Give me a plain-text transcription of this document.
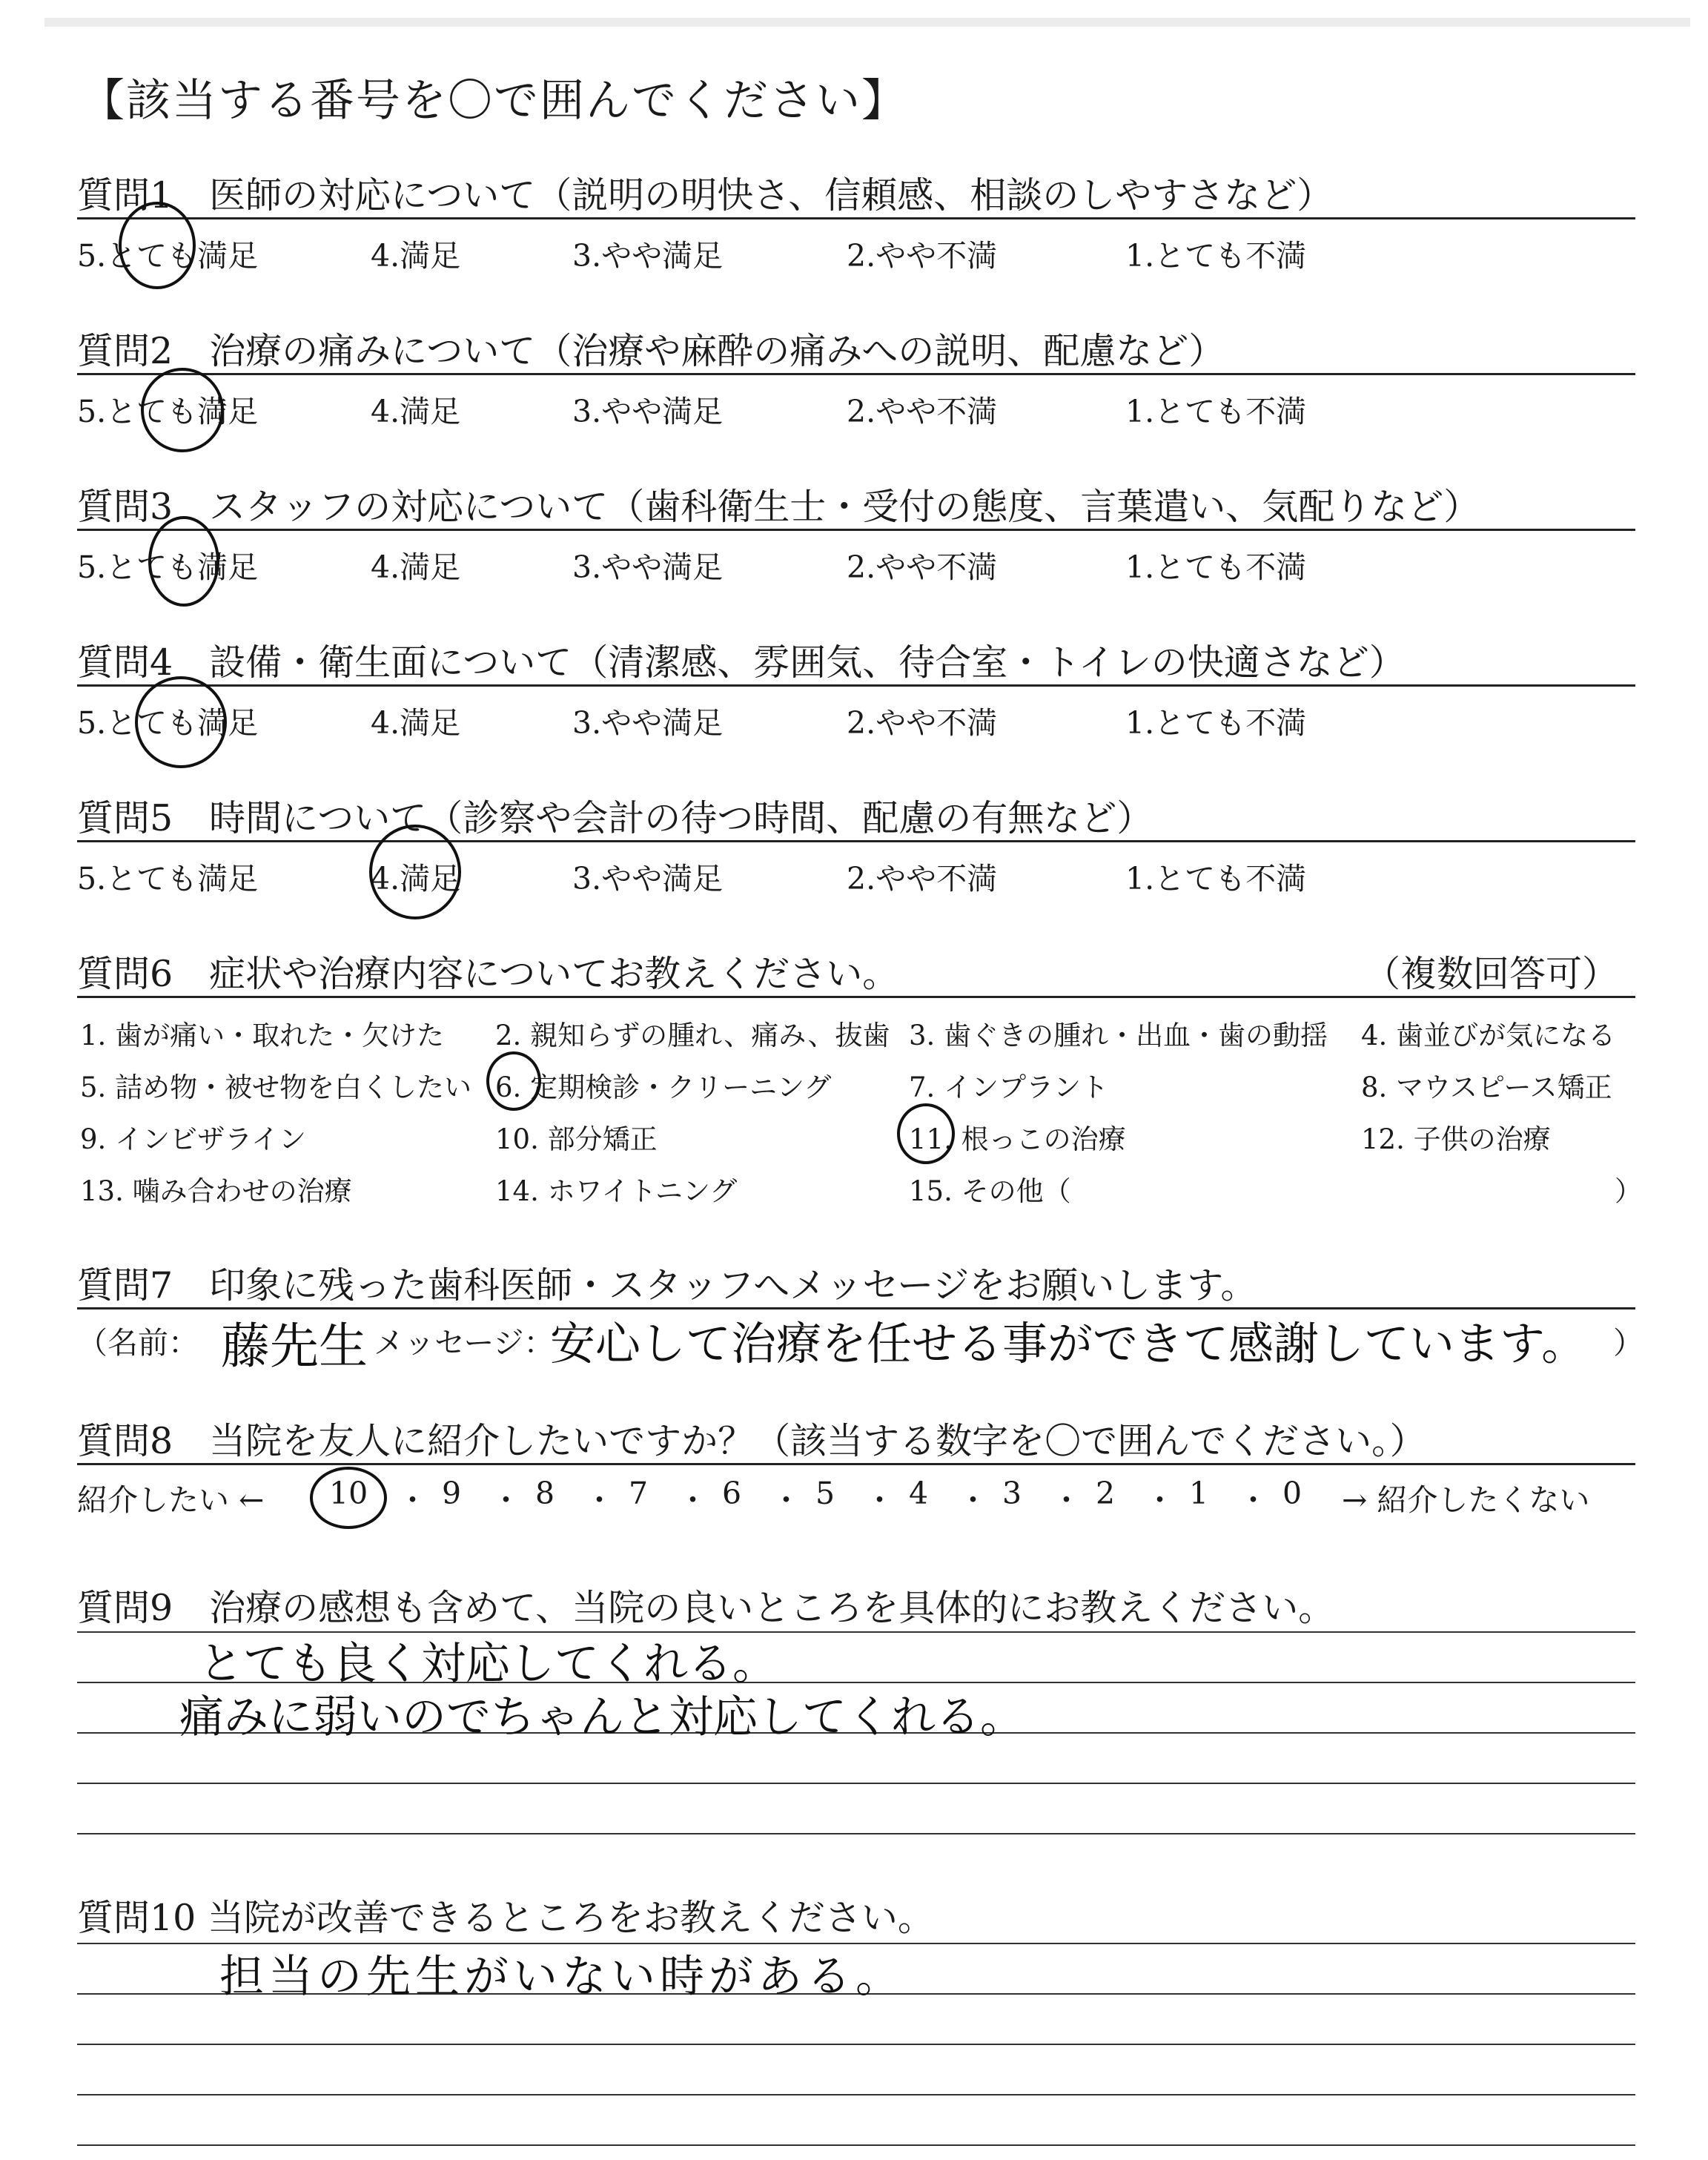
【該当する番号を〇で囲んでください】
質問1　医師の対応について（説明の明快さ、信頼感、相談のしやすさなど）
5.とても満足	4.満足	3.やや満足	2.やや不満	1.とても不満
質問2　治療の痛みについて（治療や麻酔の痛みへの説明、配慮など）
5.とても満足	4.満足	3.やや満足	2.やや不満	1.とても不満
質問3　スタッフの対応について（歯科衛生士・受付の態度、言葉遣い、気配りなど）
5.とても満足	4.満足	3.やや満足	2.やや不満	1.とても不満
質問4　設備・衛生面について（清潔感、雰囲気、待合室・トイレの快適さなど）
5.とても満足	4.満足	3.やや満足	2.やや不満	1.とても不満
質問5　時間について（診察や会計の待つ時間、配慮の有無など）
5.とても満足	4.満足	3.やや満足	2.やや不満	1.とても不満
質問6　症状や治療内容についてお教えください。	（複数回答可）
1. 歯が痛い・取れた・欠けた 2. 親知らずの腫れ、痛み、抜歯 3. 歯ぐきの腫れ・出血・歯の動揺 4. 歯並びが気になる
5. 詰め物・被せ物を白くしたい 6. 定期検診・クリーニング	7. インプラント	8. マウスピース矯正
9. インビザライン	10. 部分矯正	11. 根っこの治療	12. 子供の治療
13. 噛み合わせの治療	14. ホワイトニング	15. その他（	）
質問7　印象に残った歯科医師・スタッフへメッセージをお願いします。
（名前： 藤先生 メッセージ：
安心して治療を任せる事ができて感謝しています。 ）
質問8　当院を友人に紹介したいですか？（該当する数字を〇で囲んでください。）
紹介したい ← 10 ・ 9 ・ 8 ・ 7 ・ 6 ・ 5 ・ 4 ・ 3 ・ 2 ・ 1 ・ 0 → 紹介したくない
質問9　治療の感想も含めて、当院の良いところを具体的にお教えください。
とても良く対応してくれる。
痛みに弱いのでちゃんと対応してくれる。
質問10 当院が改善できるところをお教えください。
担当の先生がいない時がある。
